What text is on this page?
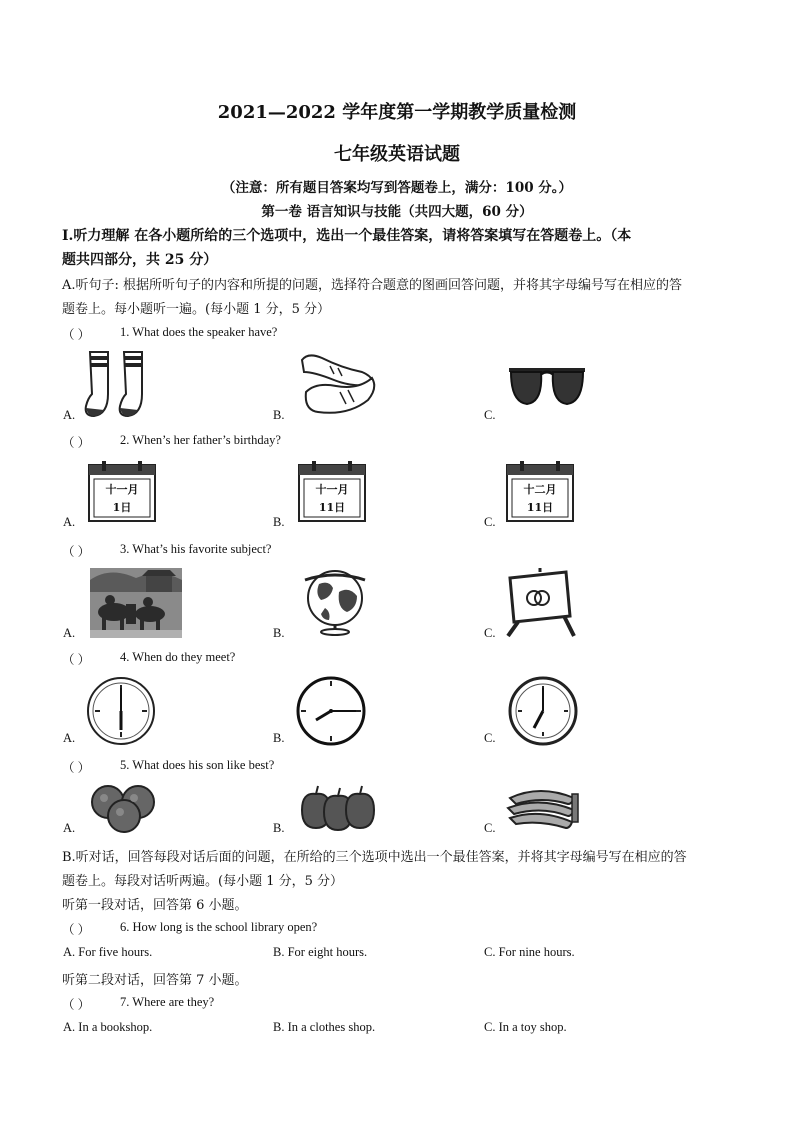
2021—2022 学年度第一学期教学质量检测
七年级英语试题
（注意：所有题目答案均写到答题卷上，满分：100 分。）
第一卷 语言知识与技能（共四大题，60 分）
Ⅰ.听力理解 在各小题所给的三个选项中，选出一个最佳答案，请将答案填写在答题卷上。（本
题共四部分，共 25 分）
A.听句子: 根据所听句子的内容和所提的问题，选择符合题意的图画回答问题，并将其字母编号写在相应的答
题卷上。每小题听一遍。(每小题 1 分，5 分）
（ ） 1. What does the speaker have?
A.	B.	C.
（ ） 2. When’s her father’s birthday?
A.	B.	C.
十一月
1日
十一月
11日
十二月
11日
（ ） 3. What’s his favorite subject?
A.	B.	C.
（ ） 4. When do they meet?
A.	B.	C.
（ ） 5. What does his son like best?
A.	B.	C.
B.听对话，回答每段对话后面的问题，在所给的三个选项中选出一个最佳答案，并将其字母编号写在相应的答
题卷上。每段对话听两遍。(每小题 1 分，5 分）
听第一段对话，回答第 6 小题。
（ ） 6. How long is the school library open?
A. For five hours.	B. For eight hours.	C. For nine hours.
听第二段对话，回答第 7 小题。
（ ） 7. Where are they?
A. In a bookshop.	B. In a clothes shop.	C. In a toy shop.
